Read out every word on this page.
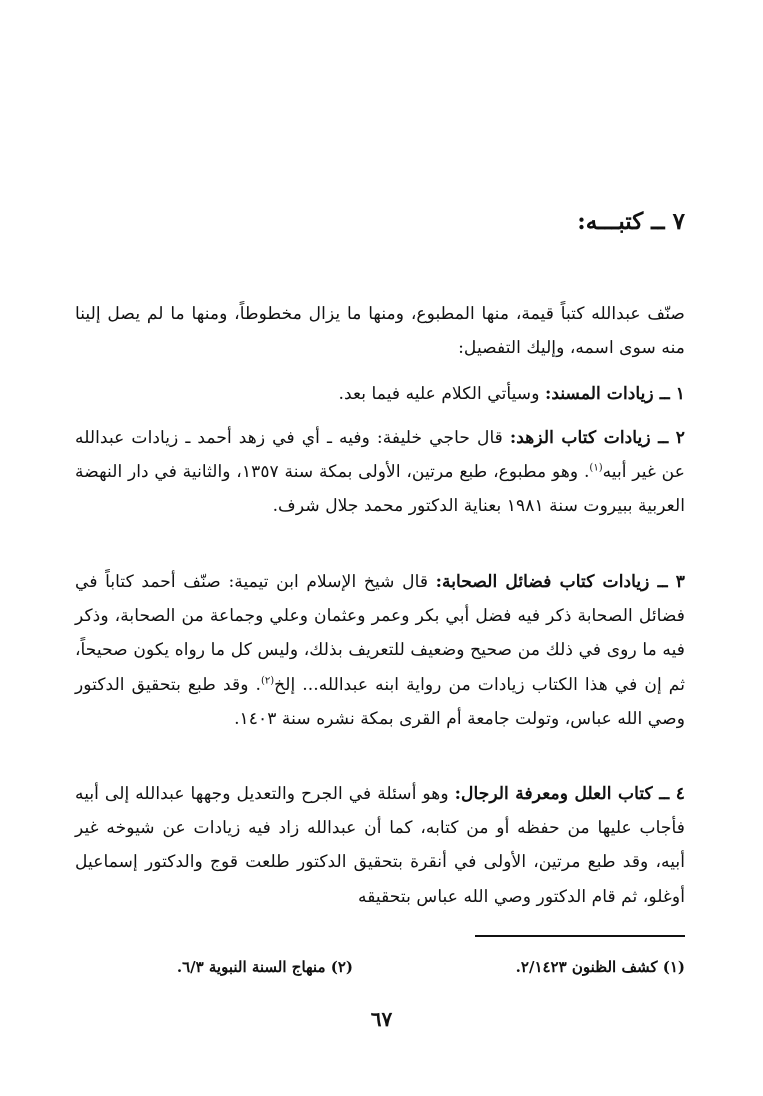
٧ ــ كتبـــه:

صنّف عبدالله كتباً قيمة، منها المطبوع، ومنها ما يزال مخطوطاً، ومنها ما لم يصل إلينا منه سوى اسمه، وإليك التفصيل:

١ ــ زيادات المسند: وسيأتي الكلام عليه فيما بعد.

٢ ــ زيادات كتاب الزهد: قال حاجي خليفة: وفيه ـ أي في زهد أحمد ـ زيادات عبدالله عن غير أبيه$^{(١)}$. وهو مطبوع، طبع مرتين، الأولى بمكة سنة ١٣٥٧، والثانية في دار النهضة العربية ببيروت سنة ١٩٨١ بعناية الدكتور محمد جلال شرف.

٣ ــ زيادات كتاب فضائل الصحابة: قال شيخ الإسلام ابن تيمية: صنّف أحمد كتاباً في فضائل الصحابة ذكر فيه فضل أبي بكر وعمر وعثمان وعلي وجماعة من الصحابة، وذكر فيه ما روى في ذلك من صحيح وضعيف للتعريف بذلك، وليس كل ما رواه يكون صحيحاً، ثم إن في هذا الكتاب زيادات من رواية ابنه عبدالله... إلخ$^{(٢)}$. وقد طبع بتحقيق الدكتور وصي الله عباس، وتولت جامعة أم القرى بمكة نشره سنة ١٤٠٣.

٤ ــ كتاب العلل ومعرفة الرجال: وهو أسئلة في الجرح والتعديل وجهها عبدالله إلى أبيه فأجاب عليها من حفظه أو من كتابه، كما أن عبدالله زاد فيه زيادات عن شيوخه غير أبيه، وقد طبع مرتين، الأولى في أنقرة بتحقيق الدكتور طلعت قوج والدكتور إسماعيل أوغلو، ثم قام الدكتور وصي الله عباس بتحقيقه

(١) كشف الظنون ٢/١٤٢٣.
(٢) منهاج السنة النبوية ٦/٣.
٦٧
